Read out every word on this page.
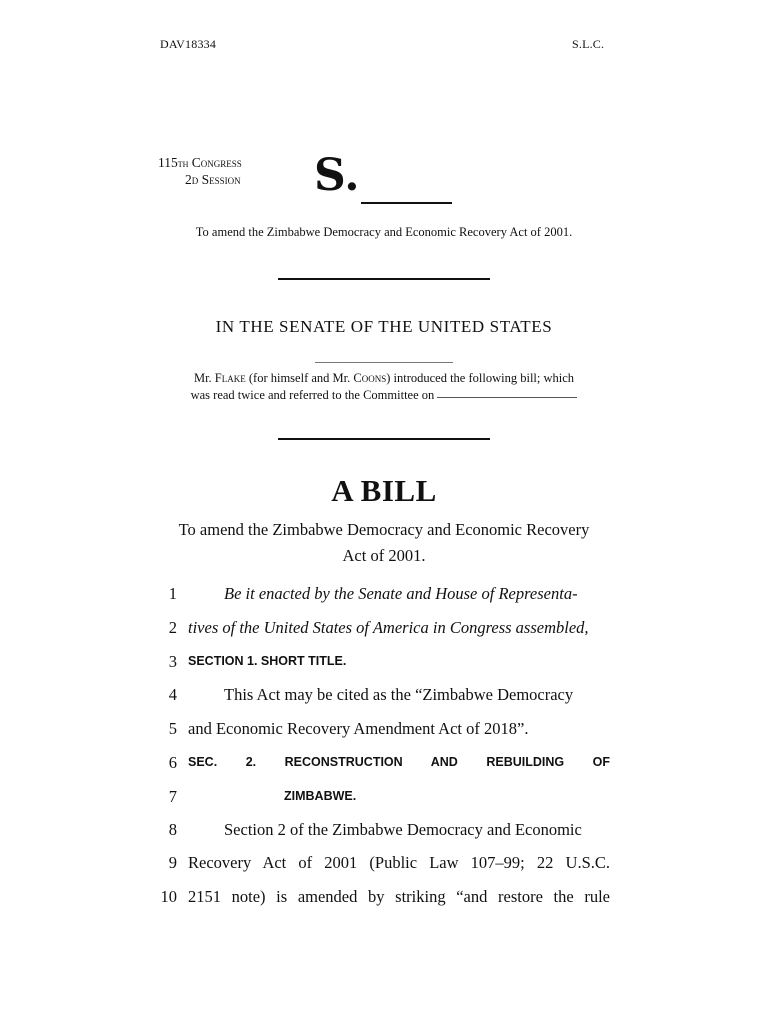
DAV18334	S.L.C.
115th Congress
2d Session S.
To amend the Zimbabwe Democracy and Economic Recovery Act of 2001.
IN THE SENATE OF THE UNITED STATES
Mr. Flake (for himself and Mr. Coons) introduced the following bill; which
was read twice and referred to the Committee on
A BILL
To amend the Zimbabwe Democracy and Economic Recovery
Act of 2001.
1	Be it enacted by the Senate and House of Representa-
2 tives of the United States of America in Congress assembled,
3 SECTION 1. SHORT TITLE.
4	This Act may be cited as the “Zimbabwe Democracy
5 and Economic Recovery Amendment Act of 2018”.
6 SEC. 2. RECONSTRUCTION AND REBUILDING OF
7	ZIMBABWE.
8	Section 2 of the Zimbabwe Democracy and Economic
9 Recovery Act of 2001 (Public Law 107–99; 22 U.S.C.
10 2151 note) is amended by striking “and restore the rule
